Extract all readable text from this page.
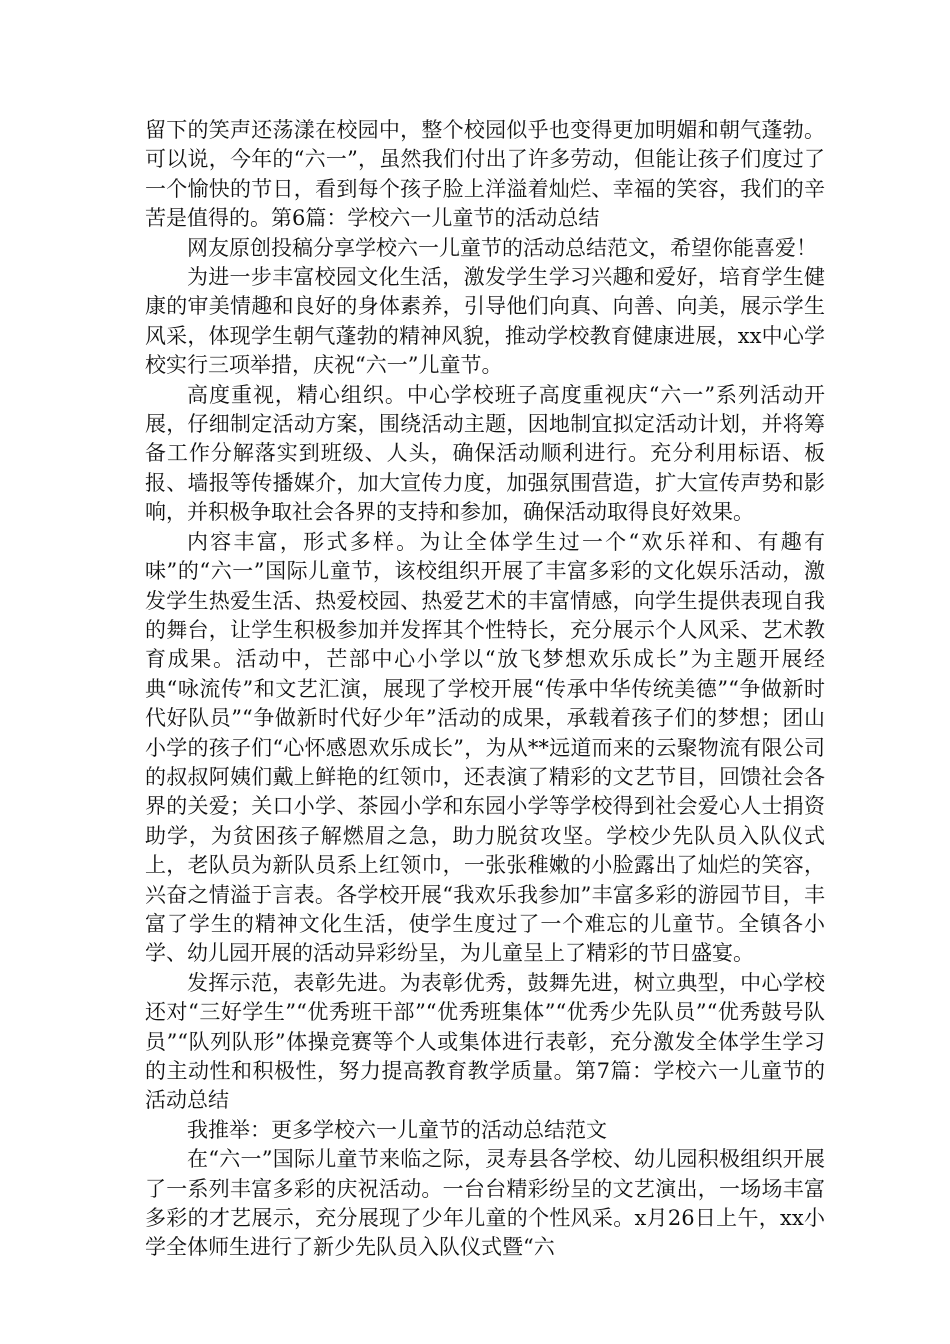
留下的笑声还荡漾在校园中，整个校园似乎也变得更加明媚和朝气蓬勃。可以说，今年的“六一”，虽然我们付出了许多劳动，但能让孩子们度过了一个愉快的节日，看到每个孩子脸上洋溢着灿烂、幸福的笑容，我们的辛苦是值得的。第6篇：学校六一儿童节的活动总结

网友原创投稿分享学校六一儿童节的活动总结范文，希望你能喜爱！

为进一步丰富校园文化生活，激发学生学习兴趣和爱好，培育学生健康的审美情趣和良好的身体素养，引导他们向真、向善、向美，展示学生风采，体现学生朝气蓬勃的精神风貌，推动学校教育健康进展，xx中心学校实行三项举措，庆祝“六一”儿童节。

高度重视，精心组织。中心学校班子高度重视庆“六一”系列活动开展，仔细制定活动方案，围绕活动主题，因地制宜拟定活动计划，并将筹备工作分解落实到班级、人头，确保活动顺利进行。充分利用标语、板报、墙报等传播媒介，加大宣传力度，加强氛围营造，扩大宣传声势和影响，并积极争取社会各界的支持和参加，确保活动取得良好效果。

内容丰富，形式多样。为让全体学生过一个“欢乐祥和、有趣有味”的“六一”国际儿童节，该校组织开展了丰富多彩的文化娱乐活动，激发学生热爱生活、热爱校园、热爱艺术的丰富情感，向学生提供表现自我的舞台，让学生积极参加并发挥其个性特长，充分展示个人风采、艺术教育成果。活动中，芒部中心小学以“放飞梦想欢乐成长”为主题开展经典“咏流传”和文艺汇演，展现了学校开展“传承中华传统美德”“争做新时代好队员”“争做新时代好少年”活动的成果，承载着孩子们的梦想；团山小学的孩子们“心怀感恩欢乐成长”，为从**远道而来的云聚物流有限公司的叔叔阿姨们戴上鲜艳的红领巾，还表演了精彩的文艺节目，回馈社会各界的关爱；关口小学、茶园小学和东园小学等学校得到社会爱心人士捐资助学，为贫困孩子解燃眉之急，助力脱贫攻坚。学校少先队员入队仪式上，老队员为新队员系上红领巾，一张张稚嫩的小脸露出了灿烂的笑容，兴奋之情溢于言表。各学校开展“我欢乐我参加”丰富多彩的游园节目，丰富了学生的精神文化生活，使学生度过了一个难忘的儿童节。全镇各小学、幼儿园开展的活动异彩纷呈，为儿童呈上了精彩的节日盛宴。

发挥示范，表彰先进。为表彰优秀，鼓舞先进，树立典型，中心学校还对“三好学生”“优秀班干部”“优秀班集体”“优秀少先队员”“优秀鼓号队员”“队列队形”体操竞赛等个人或集体进行表彰，充分激发全体学生学习的主动性和积极性，努力提高教育教学质量。第7篇：学校六一儿童节的活动总结

我推举：更多学校六一儿童节的活动总结范文

在“六一”国际儿童节来临之际，灵寿县各学校、幼儿园积极组织开展了一系列丰富多彩的庆祝活动。一台台精彩纷呈的文艺演出，一场场丰富多彩的才艺展示，充分展现了少年儿童的个性风采。x月26日上午，xx小学全体师生进行了新少先队员入队仪式暨“六
